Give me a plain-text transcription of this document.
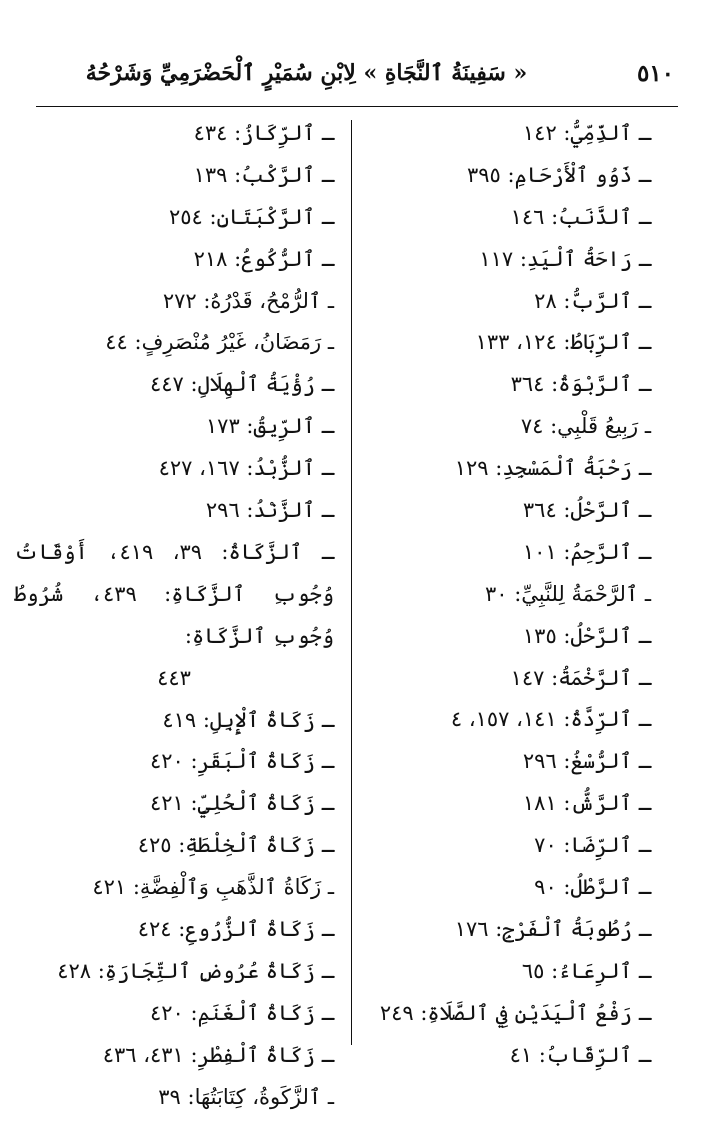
٥١٠
« سَفِينَةُ ٱلنَّجَاةِ » لِابْنِ سُمَيْرٍ ٱلْحَضْرَمِيِّ وَشَرْحُهُ
ـ ٱلذِّمِّيُّ: ١٤٢
ـ ذَوُو ٱلْأَرْحَامِ: ٣٩٥
ـ ٱلذَّنَبُ: ١٤٦
ـ رَاحَةُ ٱلْيَدِ: ١١٧
ـ ٱلرَّبُّ: ٢٨
ـ ٱلرِّبَاطُ: ١٢٤، ١٣٣
ـ ٱلرَّبْوَةُ: ٣٦٤
ـ رَبِيعُ قَلْبِي: ٧٤
ـ رَحْبَةُ ٱلْمَسْجِدِ: ١٢٩
ـ ٱلرَّحْلُ: ٣٦٤
ـ ٱلرَّحِمُ: ١٠١
ـ ٱلرَّحْمَةُ لِلنَّبِيِّ: ٣٠
ـ ٱلرَّحْلُ: ١٣٥
ـ ٱلرَّخْمَةُ: ١٤٧
ـ ٱلرِّدَّةُ: ١٤١، ١٥٧، ٤
ـ ٱلرُّسْغُ: ٢٩٦
ـ ٱلرَّشُّ: ١٨١
ـ ٱلرِّضَا: ٧٠
ـ ٱلرَّطْلُ: ٩٠
ـ رُطُوبَةُ ٱلْفَرْجِ: ١٧٦
ـ ٱلرِعَاءُ: ٦٥
ـ رَفْعُ ٱلْيَدَيْنِ فِي ٱلصَّلَاةِ: ٢٤٩
ـ ٱلرِّقَابُ: ٤١
ـ ٱلرِّكَازُ: ٤٣٤
ـ ٱلرَّكْبُ: ١٣٩
ـ ٱلرَّكْبَتَانِ: ٢٥٤
ـ ٱلرُّكُوعُ: ٢١٨
ـ ٱلرُّمْحُ، قَدْرُهُ: ٢٧٢
ـ رَمَضَانُ، غَيْرُ مُنْصَرِفٍ: ٤٤
ـ رُؤْيَةُ ٱلْهِلَالِ: ٤٤٧
ـ ٱلرِّيقُ: ١٧٣
ـ ٱلزُّبْدُ: ١٦٧، ٤٢٧
ـ ٱلزَّنْدُ: ٢٩٦
ـ ٱلزَّكَاةُ: ٣٩، ٤١٩، أَوْقَاتُ وُجُوبِ ٱلزَّكَاةِ: ٤٣٩، شُرُوطُ وُجُوبِ ٱلزَّكَاةِ:
٤٤٣
ـ زَكَاةُ ٱلْإِبِلِ: ٤١٩
ـ زَكَاةُ ٱلْبَقَرِ: ٤٢٠
ـ زَكَاةُ ٱلْحُلِيِّ: ٤٢١
ـ زَكَاةُ ٱلْخِلْطَةِ: ٤٢٥
ـ زَكَاةُ ٱلذَّهَبِ وَٱلْفِضَّةِ: ٤٢١
ـ زَكَاةُ ٱلزُّرُوعِ: ٤٢٤
ـ زَكَاةُ عُرُوضِ ٱلتِّجَارَةِ: ٤٢٨
ـ زَكَاةُ ٱلْغَنَمِ: ٤٢٠
ـ زَكَاةُ ٱلْفِطْرِ: ٤٣١، ٤٣٦
ـ ٱلزَّكَوةُ، كِتَابَتُهَا: ٣٩
